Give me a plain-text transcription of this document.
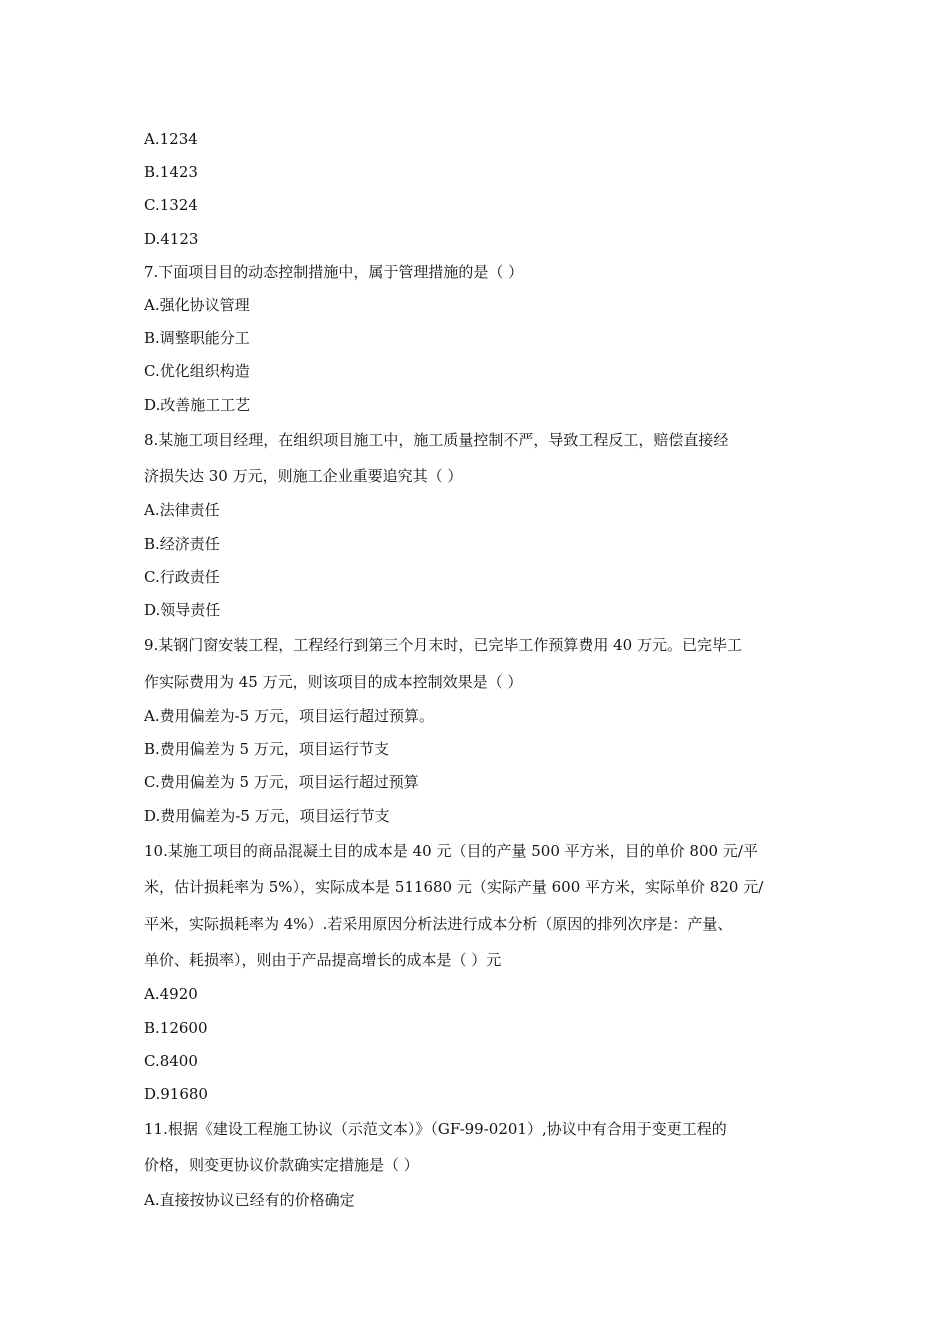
A.1234
B.1423
C.1324
D.4123
7.下面项目目的动态控制措施中，属于管理措施的是（ ）
A.强化协议管理
B.调整职能分工
C.优化组织构造
D.改善施工工艺
8.某施工项目经理，在组织项目施工中，施工质量控制不严，导致工程反工，赔偿直接经
济损失达 30 万元，则施工企业重要追究其（ ）
A.法律责任
B.经济责任
C.行政责任
D.领导责任
9.某钢门窗安装工程，工程经行到第三个月末时，已完毕工作预算费用 40 万元。已完毕工
作实际费用为 45 万元，则该项目的成本控制效果是（ ）
A.费用偏差为-5 万元，项目运行超过预算。
B.费用偏差为 5 万元，项目运行节支
C.费用偏差为 5 万元，项目运行超过预算
D.费用偏差为-5 万元，项目运行节支
10.某施工项目的商品混凝土目的成本是 40 元（目的产量 500 平方米，目的单价 800 元/平
米，估计损耗率为 5%），实际成本是 511680 元（实际产量 600 平方米，实际单价 820 元/
平米，实际损耗率为 4%）.若采用原因分析法进行成本分析（原因的排列次序是：产量、
单价、耗损率），则由于产品提高增长的成本是（ ）元
A.4920
B.12600
C.8400
D.91680
11.根据《建设工程施工协议（示范文本）》（GF-99-0201）,协议中有合用于变更工程的
价格，则变更协议价款确实定措施是（ ）
A.直接按协议已经有的价格确定
